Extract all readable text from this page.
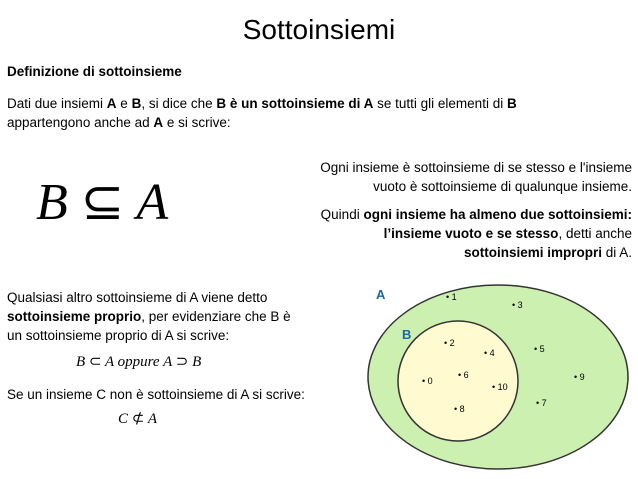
Sottoinsiemi
Definizione di sottoinsieme
Dati due insiemi A e B, si dice che B è un sottoinsieme di A se tutti gli elementi di B
appartengono anche ad A e si scrive:
B ⊆ A
Ogni insieme è sottoinsieme di se stesso e l'insieme
vuoto è sottoinsieme di qualunque insieme.
Quindi ogni insieme ha almeno due sottoinsiemi:
l’insieme vuoto e se stesso, detti anche
sottoinsiemi impropri di A.
Qualsiasi altro sottoinsieme di A viene detto
sottoinsieme proprio, per evidenziare che B è
un sottoinsieme proprio di A si scrive:
B ⊂ A oppure A ⊃ B
Se un insieme C non è sottoinsieme di A si scrive:
C ⊄ A
A
B
• 1
• 3
• 5
• 9
• 7
• 2
• 4
• 0
• 6
• 10
• 8
